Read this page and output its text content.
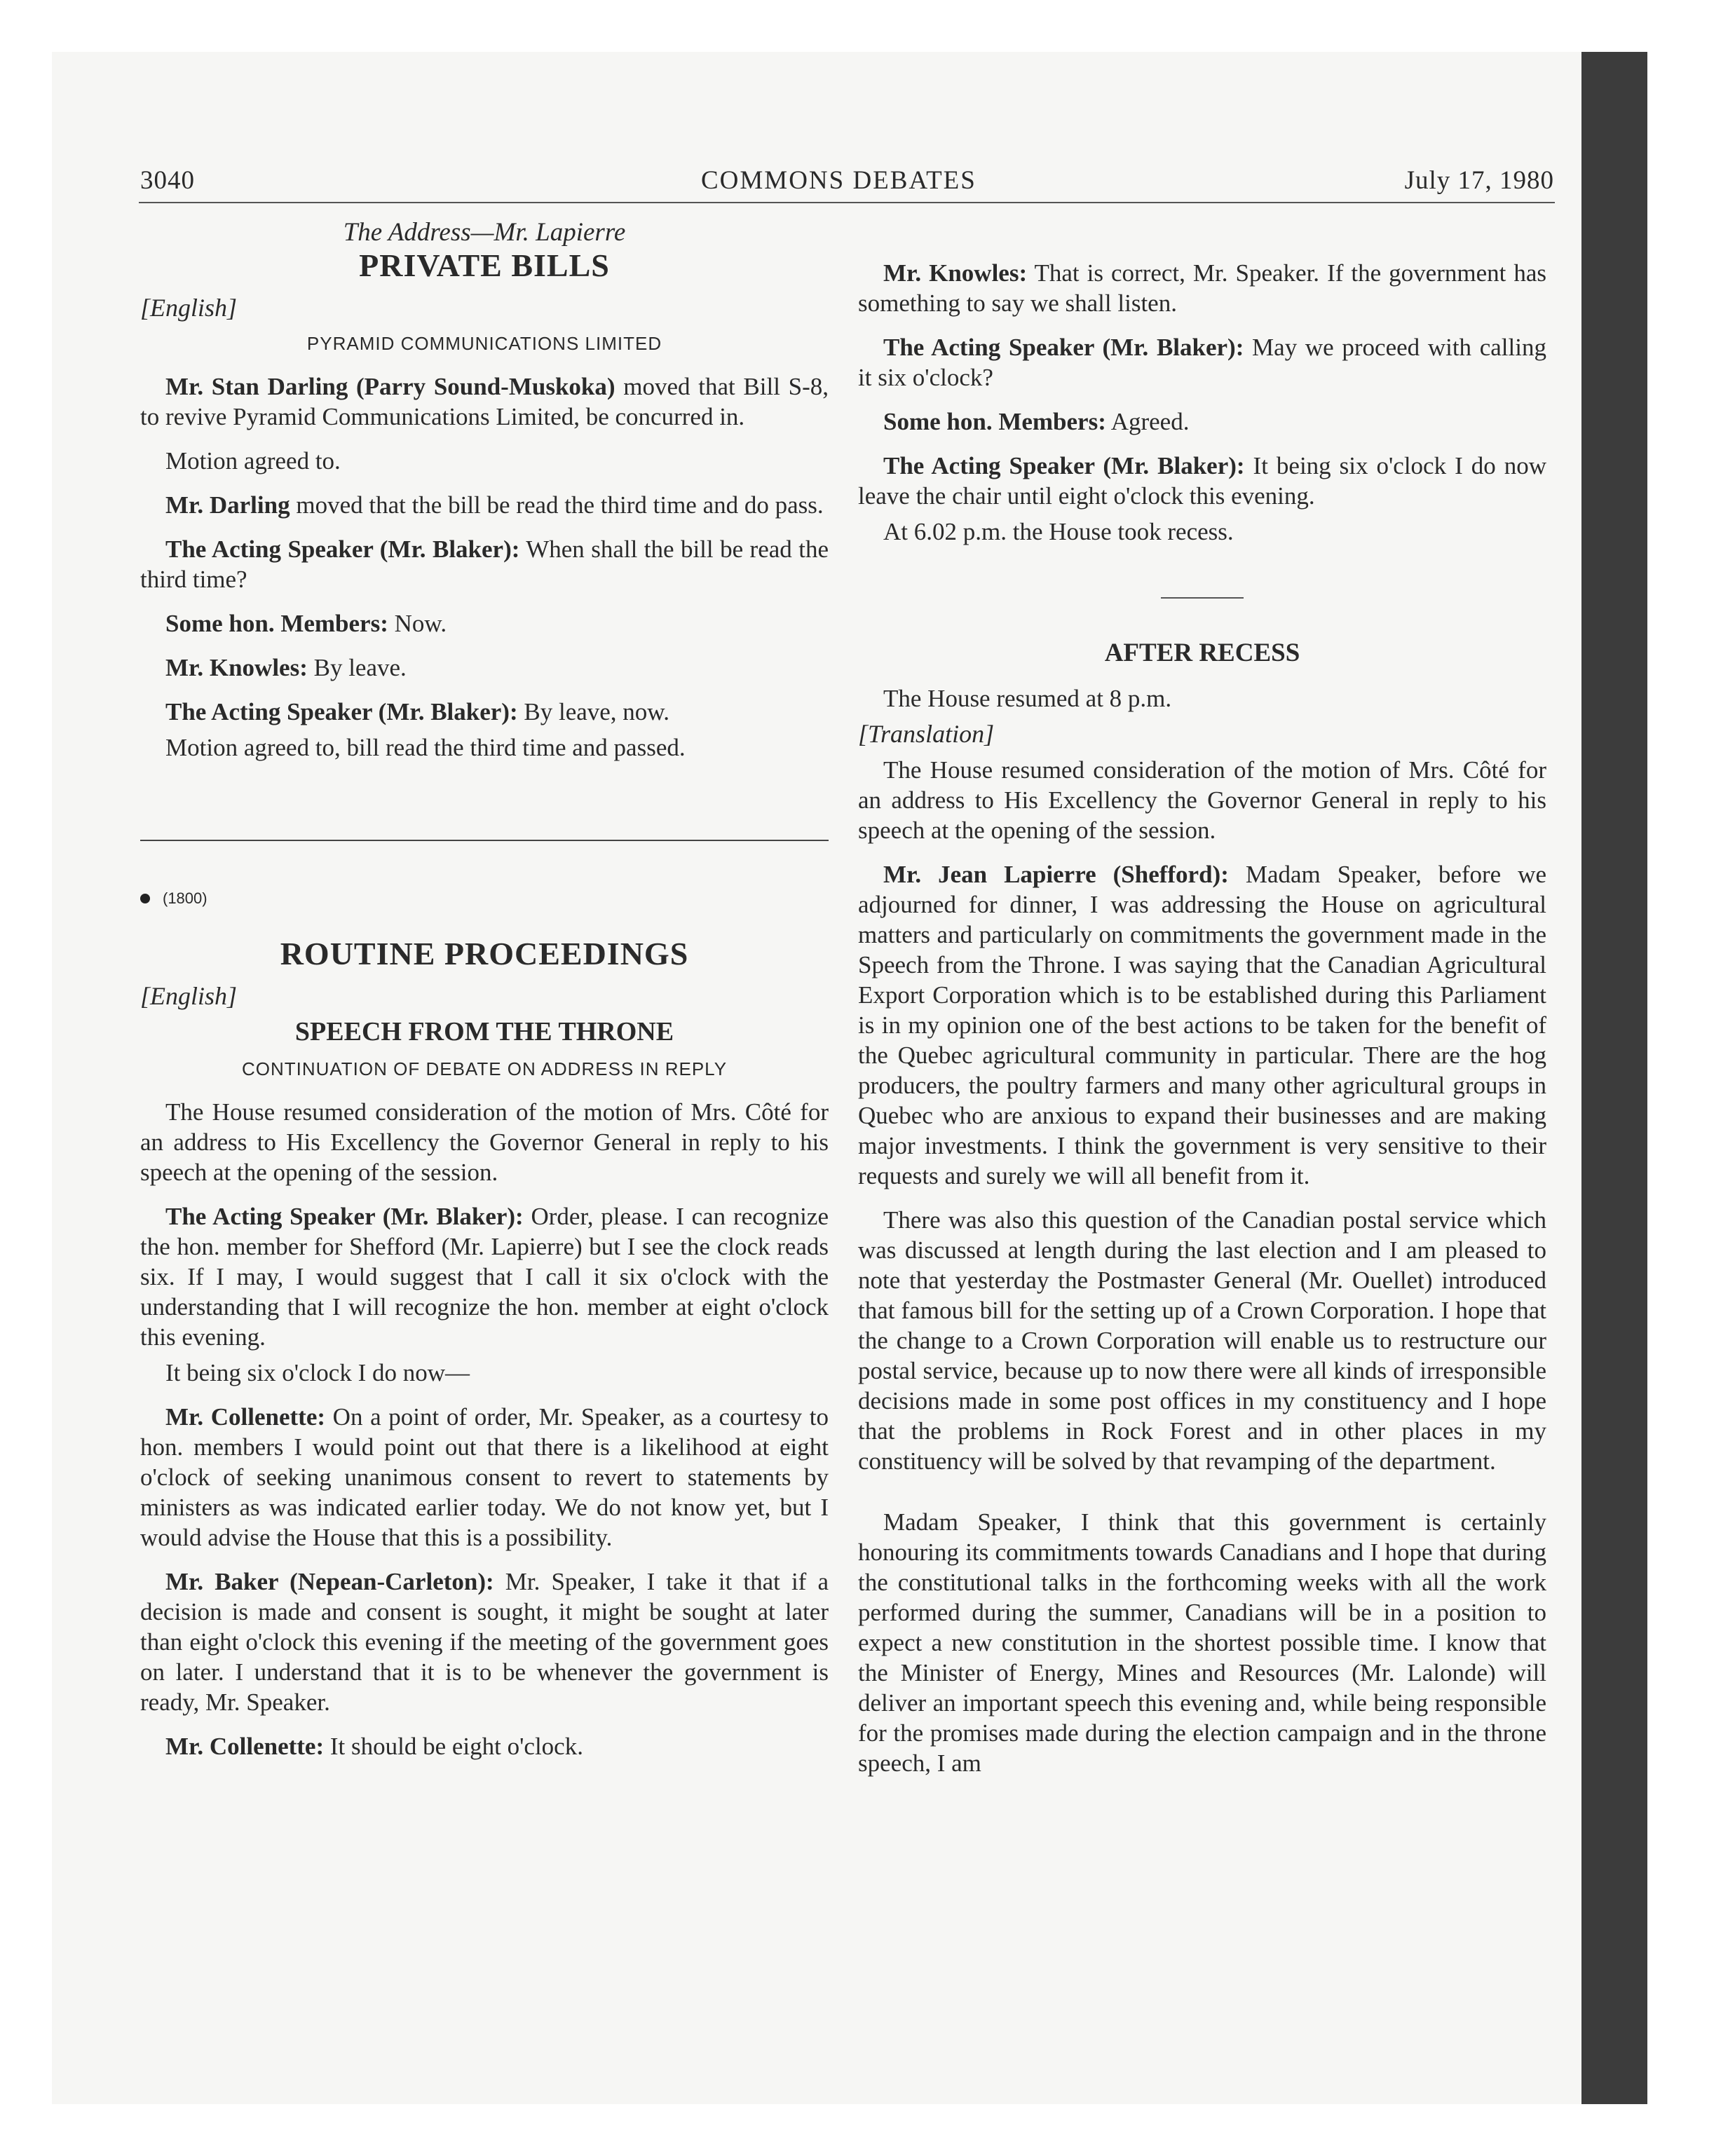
3040	COMMONS DEBATES	July 17, 1980
The Address—Mr. Lapierre
PRIVATE BILLS
[English]
PYRAMID COMMUNICATIONS LIMITED

Mr. Stan Darling (Parry Sound-Muskoka) moved that Bill S-8, to revive Pyramid Communications Limited, be concurred in.

Motion agreed to.

Mr. Darling moved that the bill be read the third time and do pass.

The Acting Speaker (Mr. Blaker): When shall the bill be read the third time?

Some hon. Members: Now.

Mr. Knowles: By leave.

The Acting Speaker (Mr. Blaker): By leave, now.

Motion agreed to, bill read the third time and passed.

(1800)
ROUTINE PROCEEDINGS
[English]
SPEECH FROM THE THRONE
CONTINUATION OF DEBATE ON ADDRESS IN REPLY

The House resumed consideration of the motion of Mrs. Côté for an address to His Excellency the Governor General in reply to his speech at the opening of the session.

The Acting Speaker (Mr. Blaker): Order, please. I can recognize the hon. member for Shefford (Mr. Lapierre) but I see the clock reads six. If I may, I would suggest that I call it six o'clock with the understanding that I will recognize the hon. member at eight o'clock this evening.

It being six o'clock I do now—

Mr. Collenette: On a point of order, Mr. Speaker, as a courtesy to hon. members I would point out that there is a likelihood at eight o'clock of seeking unanimous consent to revert to statements by ministers as was indicated earlier today. We do not know yet, but I would advise the House that this is a possibility.

Mr. Baker (Nepean-Carleton): Mr. Speaker, I take it that if a decision is made and consent is sought, it might be sought at later than eight o'clock this evening if the meeting of the government goes on later. I understand that it is to be whenever the government is ready, Mr. Speaker.

Mr. Collenette: It should be eight o'clock.

Mr. Knowles: That is correct, Mr. Speaker. If the government has something to say we shall listen.

The Acting Speaker (Mr. Blaker): May we proceed with calling it six o'clock?

Some hon. Members: Agreed.

The Acting Speaker (Mr. Blaker): It being six o'clock I do now leave the chair until eight o'clock this evening.

At 6.02 p.m. the House took recess.

AFTER RECESS

The House resumed at 8 p.m.

[Translation]

The House resumed consideration of the motion of Mrs. Côté for an address to His Excellency the Governor General in reply to his speech at the opening of the session.

Mr. Jean Lapierre (Shefford): Madam Speaker, before we adjourned for dinner, I was addressing the House on agricultural matters and particularly on commitments the government made in the Speech from the Throne. I was saying that the Canadian Agricultural Export Corporation which is to be established during this Parliament is in my opinion one of the best actions to be taken for the benefit of the Quebec agricultural community in particular. There are the hog producers, the poultry farmers and many other agricultural groups in Quebec who are anxious to expand their businesses and are making major investments. I think the government is very sensitive to their requests and surely we will all benefit from it.

There was also this question of the Canadian postal service which was discussed at length during the last election and I am pleased to note that yesterday the Postmaster General (Mr. Ouellet) introduced that famous bill for the setting up of a Crown Corporation. I hope that the change to a Crown Corporation will enable us to restructure our postal service, because up to now there were all kinds of irresponsible decisions made in some post offices in my constituency and I hope that the problems in Rock Forest and in other places in my constituency will be solved by that revamping of the department.

Madam Speaker, I think that this government is certainly honouring its commitments towards Canadians and I hope that during the constitutional talks in the forthcoming weeks with all the work performed during the summer, Canadians will be in a position to expect a new constitution in the shortest possible time. I know that the Minister of Energy, Mines and Resources (Mr. Lalonde) will deliver an important speech this evening and, while being responsible for the promises made during the election campaign and in the throne speech, I am
